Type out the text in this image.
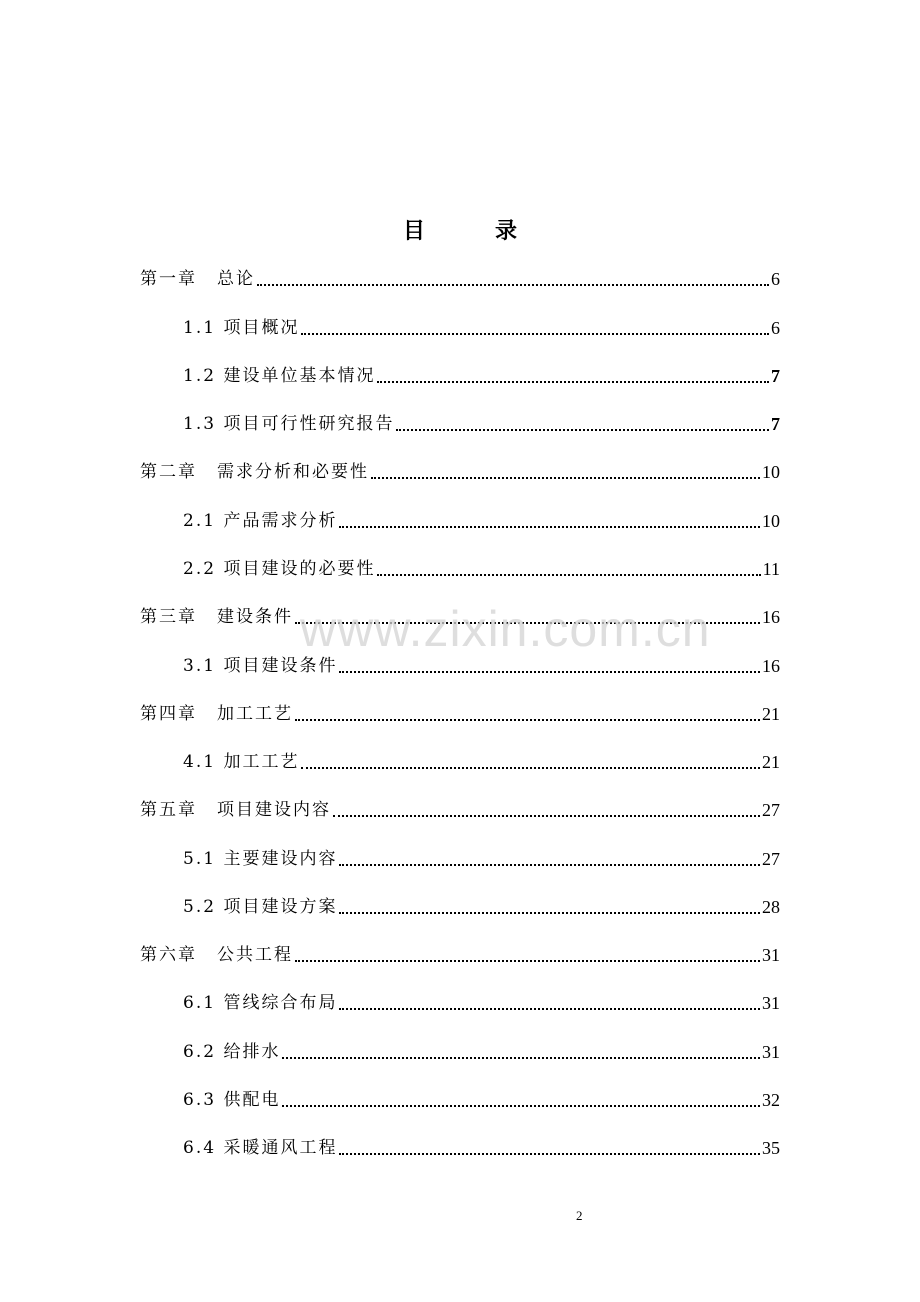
目	录
第一章 总论	6
1.1 项目概况	6
1.2 建设单位基本情况	7
1.3 项目可行性研究报告	7
第二章 需求分析和必要性	10
2.1 产品需求分析	10
2.2 项目建设的必要性	11
第三章 建设条件	16
3.1 项目建设条件	16
第四章 加工工艺	21
4.1 加工工艺	21
第五章 项目建设内容	27
5.1 主要建设内容	27
5.2 项目建设方案	28
第六章 公共工程	31
6.1 管线综合布局	31
6.2 给排水	31
6.3 供配电	32
6.4 采暖通风工程	35
www.zixin.com.cn
2
